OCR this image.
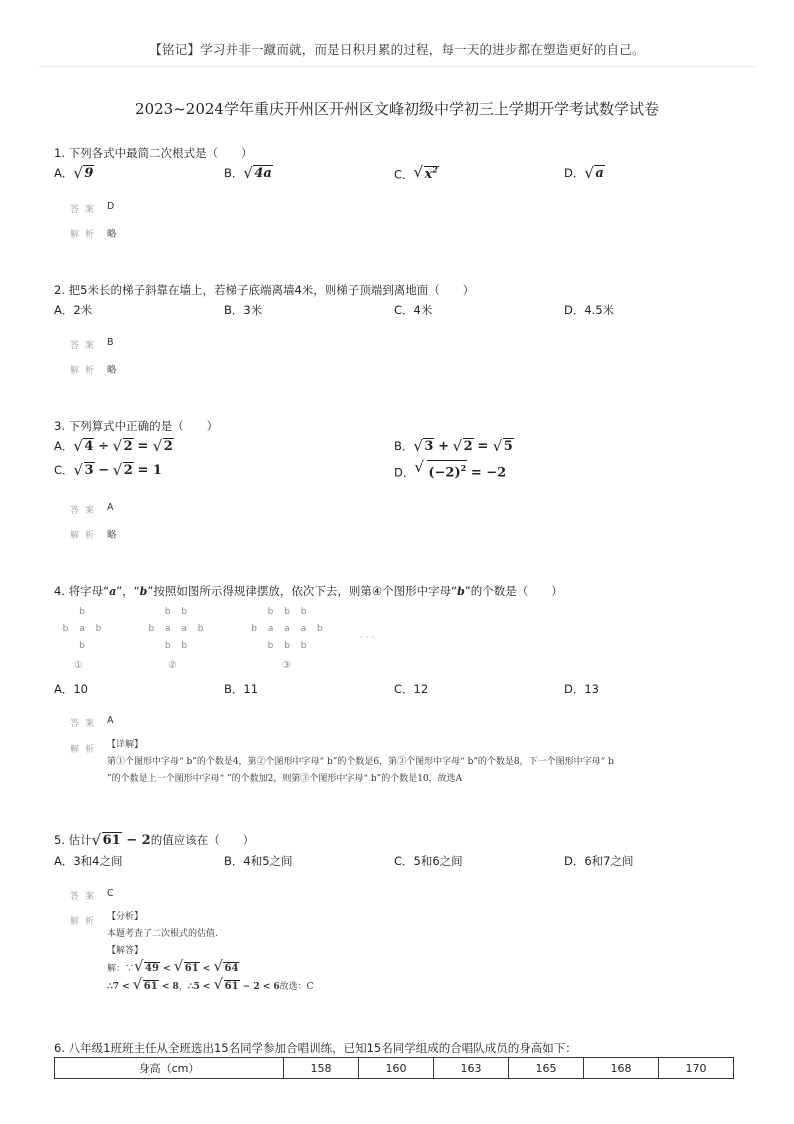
【铭记】学习并非一蹴而就，而是日积月累的过程，每一天的进步都在塑造更好的自己。
2023~2024学年重庆开州区开州区文峰初级中学初三上学期开学考试数学试卷
1. 下列各式中最简二次根式是（　　）
A． √ 9	B． √ 4a	C． √ $x^2$	D． √ a
答案 D
解析 略
2. 把5米长的梯子斜靠在墙上，若梯子底端离墙4米，则梯子顶端到离地面（　　）
A．2米	B．3米	C．4米	D．4.5米
答案 B
解析 略
3. 下列算式中正确的是（　　）
A． √ 4 ÷ √ 2 = √ 2	B． √ 3 + √ 2 = √ 5
C． √ 3 − √ 2 = 1	D． √ $(-2)^2 = -2$
答案 A
解析 略
4. 将字母“a”，“b”按照如图所示得规律摆放，依次下去，则第④个图形中字母“b”的个数是（　　）
b
b a b
b
①
b b
b a a b
b b
②
b b b
b a a a b
b b b
③
· · ·
A．10	B．11	C．12	D．13
答案 A
解析 【详解】
第①个图形中字母“ b”的个数是4，第②个图形中字母“ b”的个数是6，第③个图形中字母“ b”的个数是8，下一个图形中字母“ b
”的个数是上一个图形中字母“ ”的个数加2，则第③个图形中字母“ b”的个数是10，故选A
5. 估计 √ 61 − 2的值应该在（　　）
A．3和4之间	B．4和5之间	C．5和6之间	D．6和7之间
答案 C
解析 【分析】
本题考查了二次根式的估值.
【解答】
解：∵ √ 49 < √ 61 < √ 64
∴7 < √ 61 < 8，∴5 < √ 61 − 2 < 6故选：C
6. 八年级1班班主任从全班选出15名同学参加合唱训练，已知15名同学组成的合唱队成员的身高如下：
身高（cm）	158	160	163	165	168	170
